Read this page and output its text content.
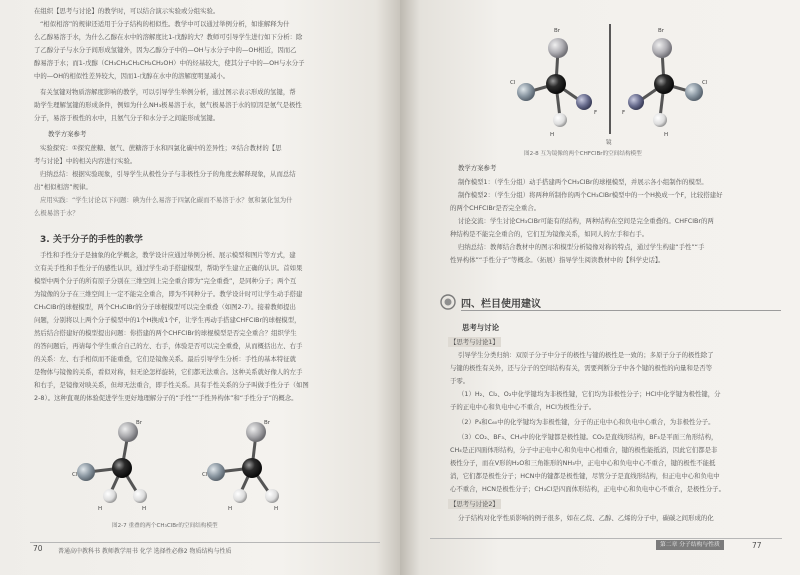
在组织【思考与讨论】的教学时，可以结合演示实验或分组实验。
“相似相溶”的规律还适用于分子结构的相似性。教学中可以通过举例分析，如谁解释为什
么乙醇易溶于水，为什么乙醇在水中的溶解度比1-戊醇的大？教师可引导学生进行如下分析：除
了乙醇分子与水分子间形成氢键外，因为乙醇分子中的—OH与水分子中的—OH相近，因而乙
醇易溶于水；而1-戊醇（CH₃CH₂CH₂CH₂CH₂OH）中的烃基较大，使其分子中的—OH与水分子
中的—OH的相似性差异较大，因而1-戊醇在水中的溶解度明显减小。
有关氢键对物质溶解度影响的教学，可以引导学生举例分析，通过图示表示形成的氢键，帮
助学生理解氢键的形成条件，例如为什么NH₃极易溶于水，氨气极易溶于水的原因是氨气是极性
分子，易溶于极性的水中，且氨气分子和水分子之间能形成氢键。
教学方案参考
实验探究：①探究蔗糖、氨气、蔗糖溶于水和四氯化碳中的差异性；②结合教材的【思
考与讨论】中的相关内容进行实验。
归纳总结：根据实验现象，引导学生从极性分子与非极性分子的角度去解释现象，从而总结
出“相似相溶”规律。
应用实践：“学生讨论以下问题：碘为什么易溶于四氯化碳而不易溶于水？氨和氯化氢为什
么极易溶于水？
3. 关于分子的手性的教学
手性和手性分子是抽象的化学概念，教学设计应通过举例分析、展示模型和图片等方式，建
立有关手性和手性分子的感性认识，通过学生动手搭建模型，帮助学生建立正确的认识。首如果
模型中两个分子的所有原子分别在三维空间上完全重合即为“完全重叠”，是同种分子；两个互
为镜像的分子在三维空间上一定不能完全重合，即为不同种分子。教学设计时可让学生动手搭建
CH₃ClBr的球棍模型，两个CH₃ClBr的分子球棍模型可以完全重叠（如图2-7）。接着教师提出
问题，分别将以上两个分子模型中的1个H换成1个F，让学生再动手搭建CHFClBr的球棍模型，
然后结合搭建好的模型提出问题：你搭建的两个CHFClBr的球棍模型是否完全重合？组织学生
的答问题后，再请每个学生重合自己的左、右手，体验是否可以完全重叠，从而概括出左、右手
的关系：左、右手相似而不能重叠，它们是镜像关系。最后引导学生分析：手性的基本特征就
是物体与镜像的关系，看似对称，但无论怎样旋转，它们都无法重合。这种关系就好像人的左手
和右手，是镜像对映关系，但却无法重合，即手性关系。具有手性关系的分子叫做手性分子（如图
2-8）。这种直观的体验促进学生更好地理解分子的“手性”“手性异构体”和“手性分子”的概念。
Br
Cl
H	H
Br
Cl
H	H
图2-7 重叠的两个CH₃ClBr的空间结构模型
70	普通高中教科书 教师教学用书 化学 选择性必修2 物质结构与性质
镜
Br
Cl
F
H
Br
Cl
F
H
图2-8 互为镜像的两个CHFClBr的空间结构模型
教学方案参考
制作模型1：（学生分组）动手搭建两个CH₃ClBr的球棍模型，并展示各小组制作的模型。
制作模型2：（学生分组）将两种所制作的两个CH₃ClBr模型中的一个H换成一个F，比较搭建好
的两个CHFClBr是否完全重合。
讨论交流：学生讨论CH₃ClBr可能有的结构，两种结构在空间是完全重叠的。CHFClBr的两
种结构是不能完全重合的，它们互为镜像关系，如同人的左手和右手。
归纳总结：教师结合教材中的图示和模型分析镜像对称的特点，通过学生构建“手性”“手
性异构体”“手性分子”等概念。（拓展）指导学生阅读教材中的【科学史话】。
四、栏目使用建议
思考与讨论
【思考与讨论1】
引导学生分类归纳：双原子分子中分子的极性与键的极性是一致的；多原子分子的极性除了
与键的极性有关外，还与分子的空间结构有关，需要判断分子中各个键的极性的向量和是否等
于零。
（1）H₂、Cl₂、O₂中化学键均为非极性键，它们均为非极性分子；HCl中化学键为极性键，分
子的正电中心和负电中心不重合，HCl为极性分子。
（2）P₄和C₆₀中的化学键均为非极性键，分子的正电中心和负电中心重合，为非极性分子。
（3）CO₂、BF₃、CH₄中的化学键都是极性键。CO₂是直线形结构，BF₃是平面三角形结构，
CH₄是正四面体形结构，分子中正电中心和负电中心相重合，键的极性能抵消，因此它们都是非
极性分子，而在V形的H₂O和三角锥形的NH₃中，正电中心和负电中心不重合，键的极性不能抵
消，它们都是极性分子；HCN中的键都是极性键，尽管分子是直线形结构，但正电中心和负电中
心不重合，HCN是极性分子；CH₃Cl是四面体形结构，正电中心和负电中心不重合，是极性分子。
【思考与讨论2】
分子结构对化学性质影响的例子很多，如在乙烷、乙醇、乙烯的分子中，碳碳之间形成的化
第二章 分子结构与性质	77
